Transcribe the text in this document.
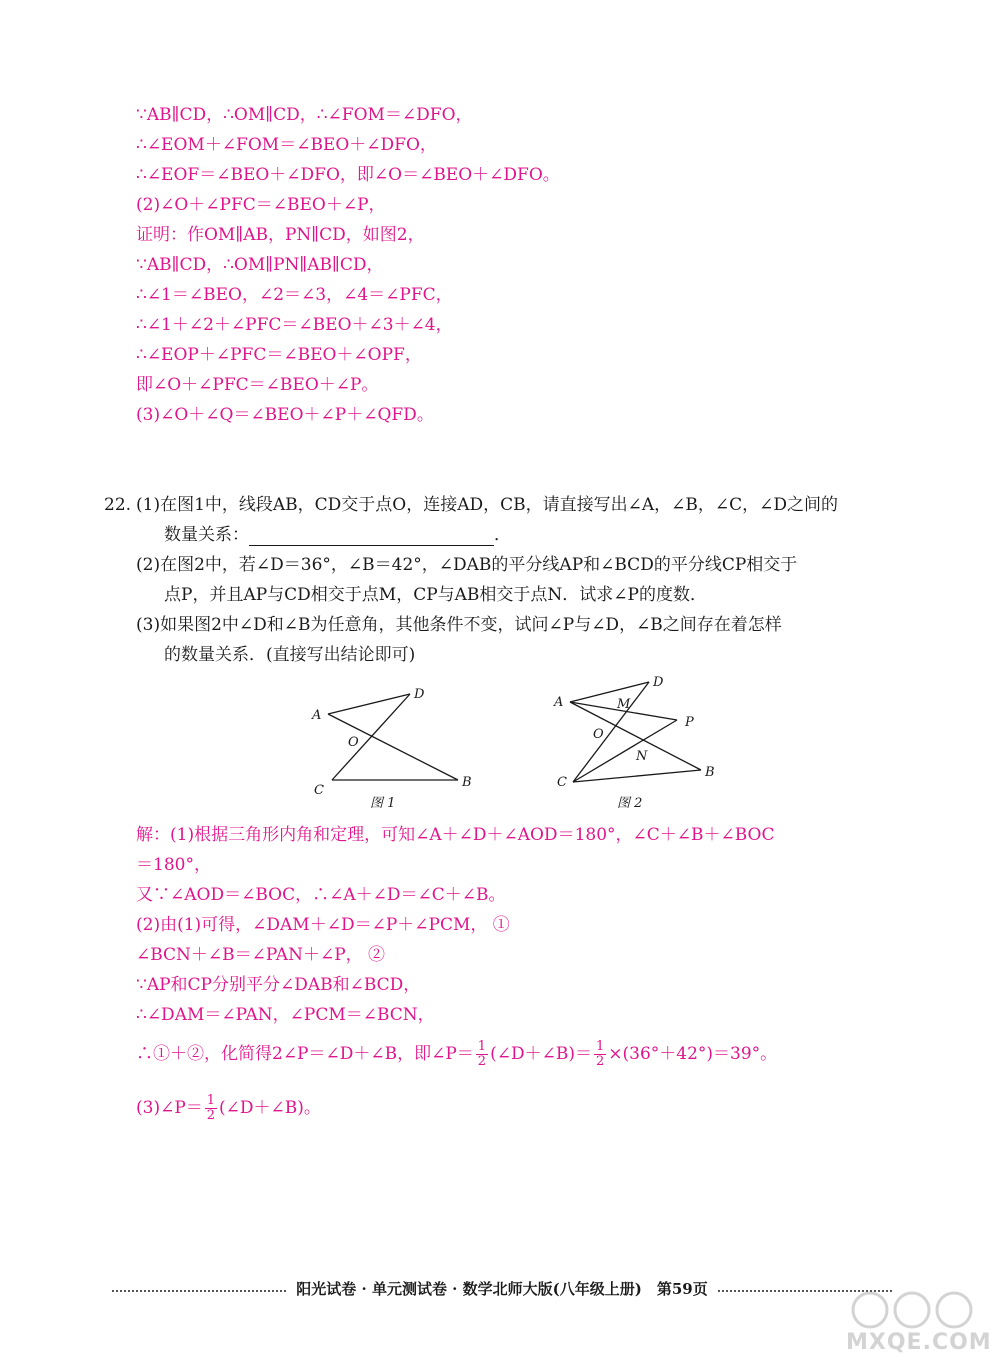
∵AB∥CD，∴OM∥CD，∴∠FOM＝∠DFO，
∴∠EOM＋∠FOM＝∠BEO＋∠DFO，
∴∠EOF＝∠BEO＋∠DFO，即∠O＝∠BEO＋∠DFO。
(2)∠O＋∠PFC＝∠BEO＋∠P，
证明：作OM∥AB，PN∥CD，如图2，
∵AB∥CD，∴OM∥PN∥AB∥CD，
∴∠1＝∠BEO，∠2＝∠3，∠4＝∠PFC，
∴∠1＋∠2＋∠PFC＝∠BEO＋∠3＋∠4，
∴∠EOP＋∠PFC＝∠BEO＋∠OPF，
即∠O＋∠PFC＝∠BEO＋∠P。
(3)∠O＋∠Q＝∠BEO＋∠P＋∠QFD。
22. (1)在图1中，线段AB，CD交于点O，连接AD，CB，请直接写出∠A，∠B，∠C，∠D之间的
数量关系：	．
(2)在图2中，若∠D＝36°，∠B＝42°，∠DAB的平分线AP和∠BCD的平分线CP相交于
点P，并且AP与CD相交于点M，CP与AB相交于点N．试求∠P的度数．
(3)如果图2中∠D和∠B为任意角，其他条件不变，试问∠P与∠D，∠B之间存在着怎样
的数量关系．(直接写出结论即可)
A
D
O
C
B
图 1
A
D
M
P
O
N
C
B
图 2
解：(1)根据三角形内角和定理，可知∠A＋∠D＋∠AOD＝180°，∠C＋∠B＋∠BOC
＝180°，
又∵∠AOD＝∠BOC，∴∠A＋∠D＝∠C＋∠B。
(2)由(1)可得，∠DAM＋∠D＝∠P＋∠PCM， ①
∠BCN＋∠B＝∠PAN＋∠P， ②
∵AP和CP分别平分∠DAB和∠BCD，
∴∠DAM＝∠PAN，∠PCM＝∠BCN，
∴①＋②，化简得2∠P＝∠D＋∠B，即∠P＝ $\frac{1}{2}$ (∠D＋∠B)＝ $\frac{1}{2} \times(36^\circ+42^\circ)=39^\circ$。
(3)∠P＝ $\frac{1}{2}$ (∠D＋∠B)。
阳光试卷 · 单元测试卷 · 数学北师大版(八年级上册)　第59页
MXQE.COM
